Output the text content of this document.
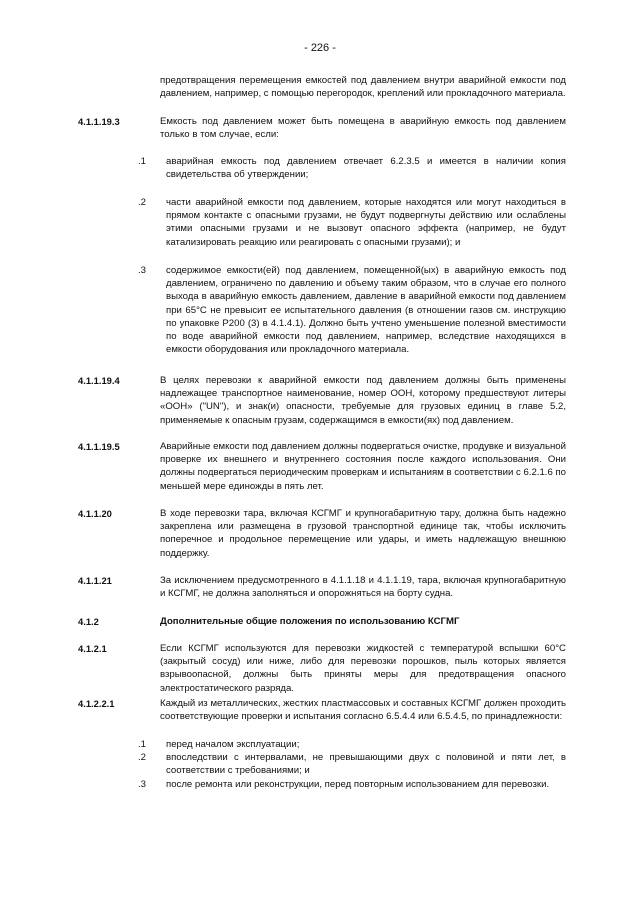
- 226 -
предотвращения перемещения емкостей под давлением внутри аварийной емкости под давлением, например, с помощью перегородок, креплений или прокладочного материала.
4.1.1.19.3	Емкость под давлением может быть помещена в аварийную емкость под давлением только в том случае, если:
.1	аварийная емкость под давлением отвечает 6.2.3.5 и имеется в наличии копия свидетельства об утверждении;
.2	части аварийной емкости под давлением, которые находятся или могут находиться в прямом контакте с опасными грузами, не будут подвергнуты действию или ослаблены этими опасными грузами и не вызовут опасного эффекта (например, не будут катализировать реакцию или реагировать с опасными грузами); и
.3	содержимое емкости(ей) под давлением, помещенной(ых) в аварийную емкость под давлением, ограничено по давлению и объему таким образом, что в случае его полного выхода в аварийную емкость давлением, давление в аварийной емкости под давлением при 65°C не превысит ее испытательного давления (в отношении газов см. инструкцию по упаковке P200 (3) в 4.1.4.1). Должно быть учтено уменьшение полезной вместимости по воде аварийной емкости под давлением, например, вследствие находящихся в емкости оборудования или прокладочного материала.
4.1.1.19.4	В целях перевозки к аварийной емкости под давлением должны быть применены надлежащее транспортное наименование, номер ООН, которому предшествуют литеры «ООН» ("UN"), и знак(и) опасности, требуемые для грузовых единиц в главе 5.2, применяемые к опасным грузам, содержащимся в емкости(ях) под давлением.
4.1.1.19.5	Аварийные емкости под давлением должны подвергаться очистке, продувке и визуальной проверке их внешнего и внутреннего состояния после каждого использования. Они должны подвергаться периодическим проверкам и испытаниям в соответствии с 6.2.1.6 по меньшей мере единожды в пять лет.
4.1.1.20	В ходе перевозки тара, включая КСГМГ и крупногабаритную тару, должна быть надежно закреплена или размещена в грузовой транспортной единице так, чтобы исключить поперечное и продольное перемещение или удары, и иметь надлежащую внешнюю поддержку.
4.1.1.21	За исключением предусмотренного в 4.1.1.18 и 4.1.1.19, тара, включая крупногабаритную и КСГМГ, не должна заполняться и опорожняться на борту судна.
4.1.2	Дополнительные общие положения по использованию КСГМГ
4.1.2.1	Если КСГМГ используются для перевозки жидкостей с температурой вспышки 60°C (закрытый сосуд) или ниже, либо для перевозки порошков, пыль которых является взрывоопасной, должны быть приняты меры для предотвращения опасного электростатического разряда.
4.1.2.2.1	Каждый из металлических, жестких пластмассовых и составных КСГМГ должен проходить соответствующие проверки и испытания согласно 6.5.4.4 или 6.5.4.5, по принадлежности:
.1	перед началом эксплуатации;
.2	впоследствии с интервалами, не превышающими двух с половиной и пяти лет, в соответствии с требованиями; и
.3	после ремонта или реконструкции, перед повторным использованием для перевозки.
